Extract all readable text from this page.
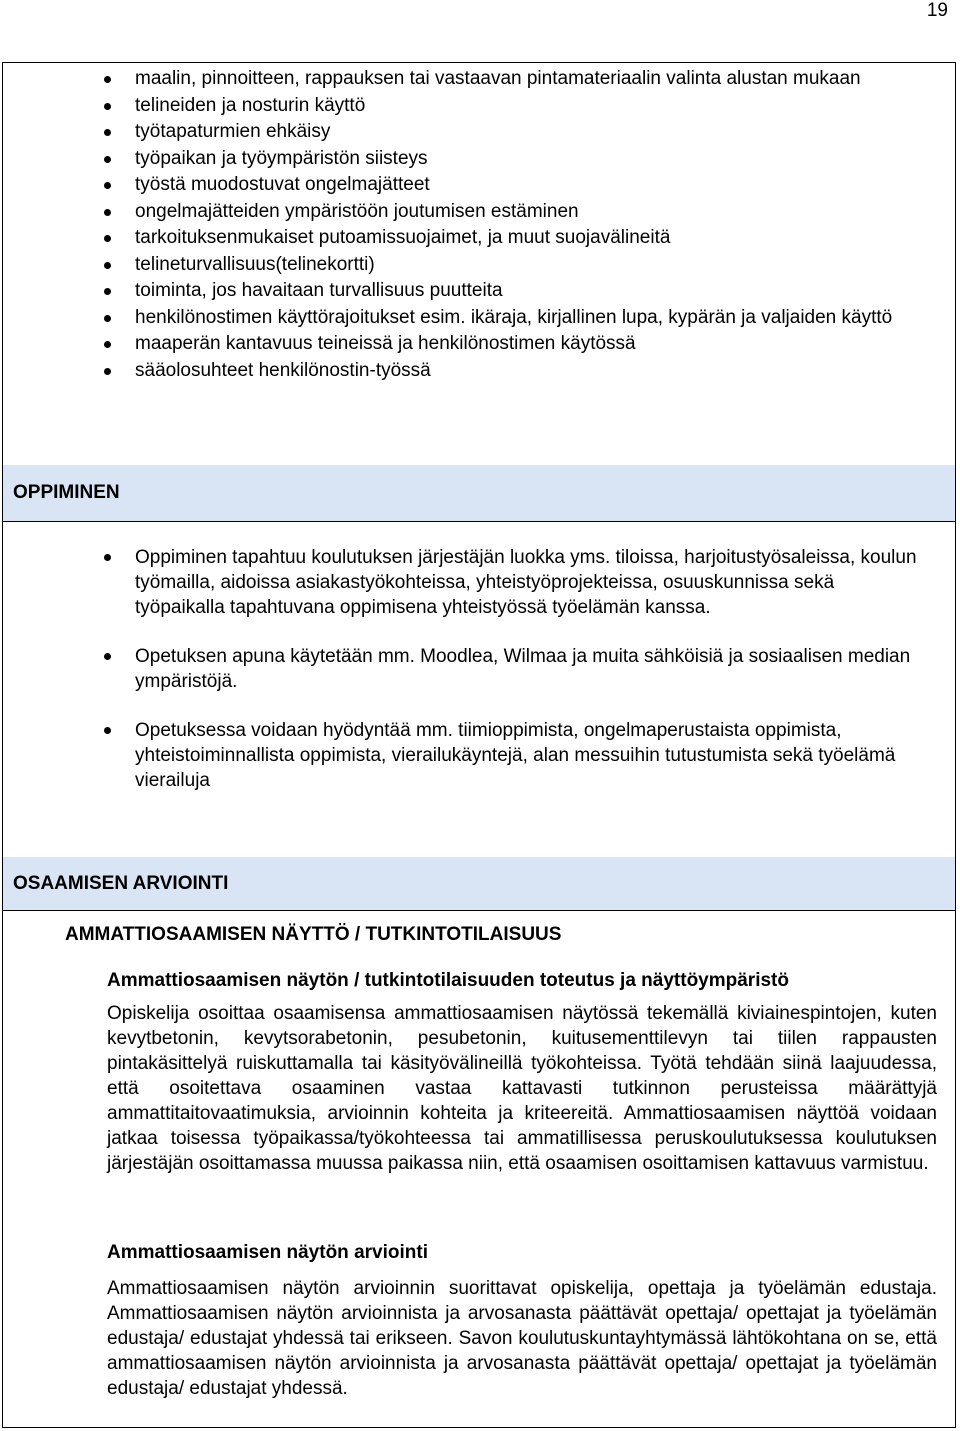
19
maalin, pinnoitteen, rappauksen tai vastaavan pintamateriaalin valinta alustan mukaan
telineiden ja nosturin käyttö
työtapaturmien ehkäisy
työpaikan ja työympäristön siisteys
työstä muodostuvat ongelmajätteet
ongelmajätteiden ympäristöön joutumisen estäminen
tarkoituksenmukaiset putoamissuojaimet, ja muut suojavälineitä
telineturvallisuus(telinekortti)
toiminta, jos havaitaan turvallisuus puutteita
henkilönostimen käyttörajoitukset esim. ikäraja, kirjallinen lupa, kypärän ja valjaiden käyttö
maaperän kantavuus teineissä ja henkilönostimen käytössä
sääolosuhteet henkilönostin-työssä
OPPIMINEN
Oppiminen tapahtuu koulutuksen järjestäjän luokka yms. tiloissa, harjoitustyösaleissa, koulun työmailla, aidoissa asiakastyökohteissa, yhteistyöprojekteissa, osuuskunnissa sekä työpaikalla tapahtuvana oppimisena yhteistyössä työelämän kanssa.
Opetuksen apuna käytetään mm. Moodlea, Wilmaa ja muita sähköisiä ja sosiaalisen median ympäristöjä.
Opetuksessa voidaan hyödyntää mm. tiimioppimista, ongelmaperustaista oppimista, yhteistoiminnallista oppimista, vierailukäyntejä, alan messuihin tutustumista sekä työelämä vierailuja
OSAAMISEN ARVIOINTI
AMMATTIOSAAMISEN NÄYTTÖ / TUTKINTOTILAISUUS
Ammattiosaamisen näytön / tutkintotilaisuuden toteutus ja näyttöympäristö
Opiskelija osoittaa osaamisensa ammattiosaamisen näytössä tekemällä kiviainespintojen, kuten kevytbetonin, kevytsorabetonin, pesubetonin, kuitusementtilevyn tai tiilen rappausten pintakäsittelyä ruiskuttamalla tai käsityövälineillä työkohteissa. Työtä tehdään siinä laajuudessa, että osoitettava osaaminen vastaa kattavasti tutkinnon perusteissa määrättyjä ammattitaitovaatimuksia, arvioinnin kohteita ja kriteereitä. Ammattiosaamisen näyttöä voidaan jatkaa toisessa työpaikassa/työkohteessa tai ammatillisessa peruskoulutuksessa koulutuksen järjestäjän osoittamassa muussa paikassa niin, että osaamisen osoittamisen kattavuus varmistuu.
Ammattiosaamisen näytön arviointi
Ammattiosaamisen näytön arvioinnin suorittavat opiskelija, opettaja ja työelämän edustaja. Ammattiosaamisen näytön arvioinnista ja arvosanasta päättävät opettaja/ opettajat ja työelämän edustaja/ edustajat yhdessä tai erikseen. Savon koulutuskuntayhtymässä lähtökohtana on se, että ammattiosaamisen näytön arvioinnista ja arvosanasta päättävät opettaja/ opettajat ja työelämän edustaja/ edustajat yhdessä.
